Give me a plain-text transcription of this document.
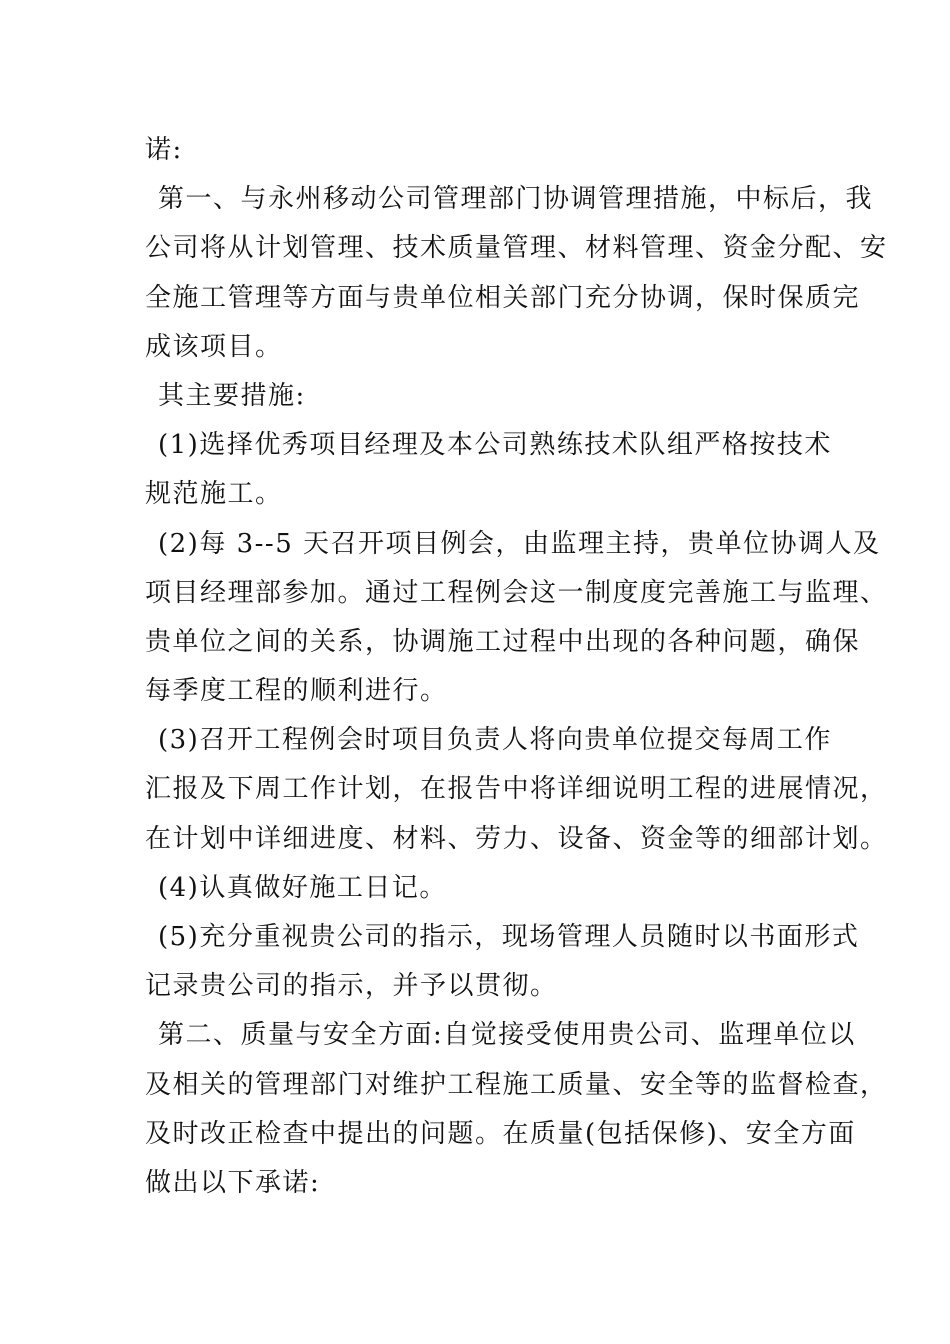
诺:
第一、与永州移动公司管理部门协调管理措施，中标后，我
公司将从计划管理、技术质量管理、材料管理、资金分配、安
全施工管理等方面与贵单位相关部门充分协调，保时保质完
成该项目。
其主要措施:
(1)选择优秀项目经理及本公司熟练技术队组严格按技术
规范施工。
(2)每 3--5 天召开项目例会，由监理主持，贵单位协调人及
项目经理部参加。通过工程例会这一制度度完善施工与监理、
贵单位之间的关系，协调施工过程中出现的各种问题，确保
每季度工程的顺利进行。
(3)召开工程例会时项目负责人将向贵单位提交每周工作
汇报及下周工作计划，在报告中将详细说明工程的进展情况，
在计划中详细进度、材料、劳力、设备、资金等的细部计划。
(4)认真做好施工日记。
(5)充分重视贵公司的指示，现场管理人员随时以书面形式
记录贵公司的指示，并予以贯彻。
第二、质量与安全方面:自觉接受使用贵公司、监理单位以
及相关的管理部门对维护工程施工质量、安全等的监督检查，
及时改正检查中提出的问题。在质量(包括保修)、安全方面
做出以下承诺:
